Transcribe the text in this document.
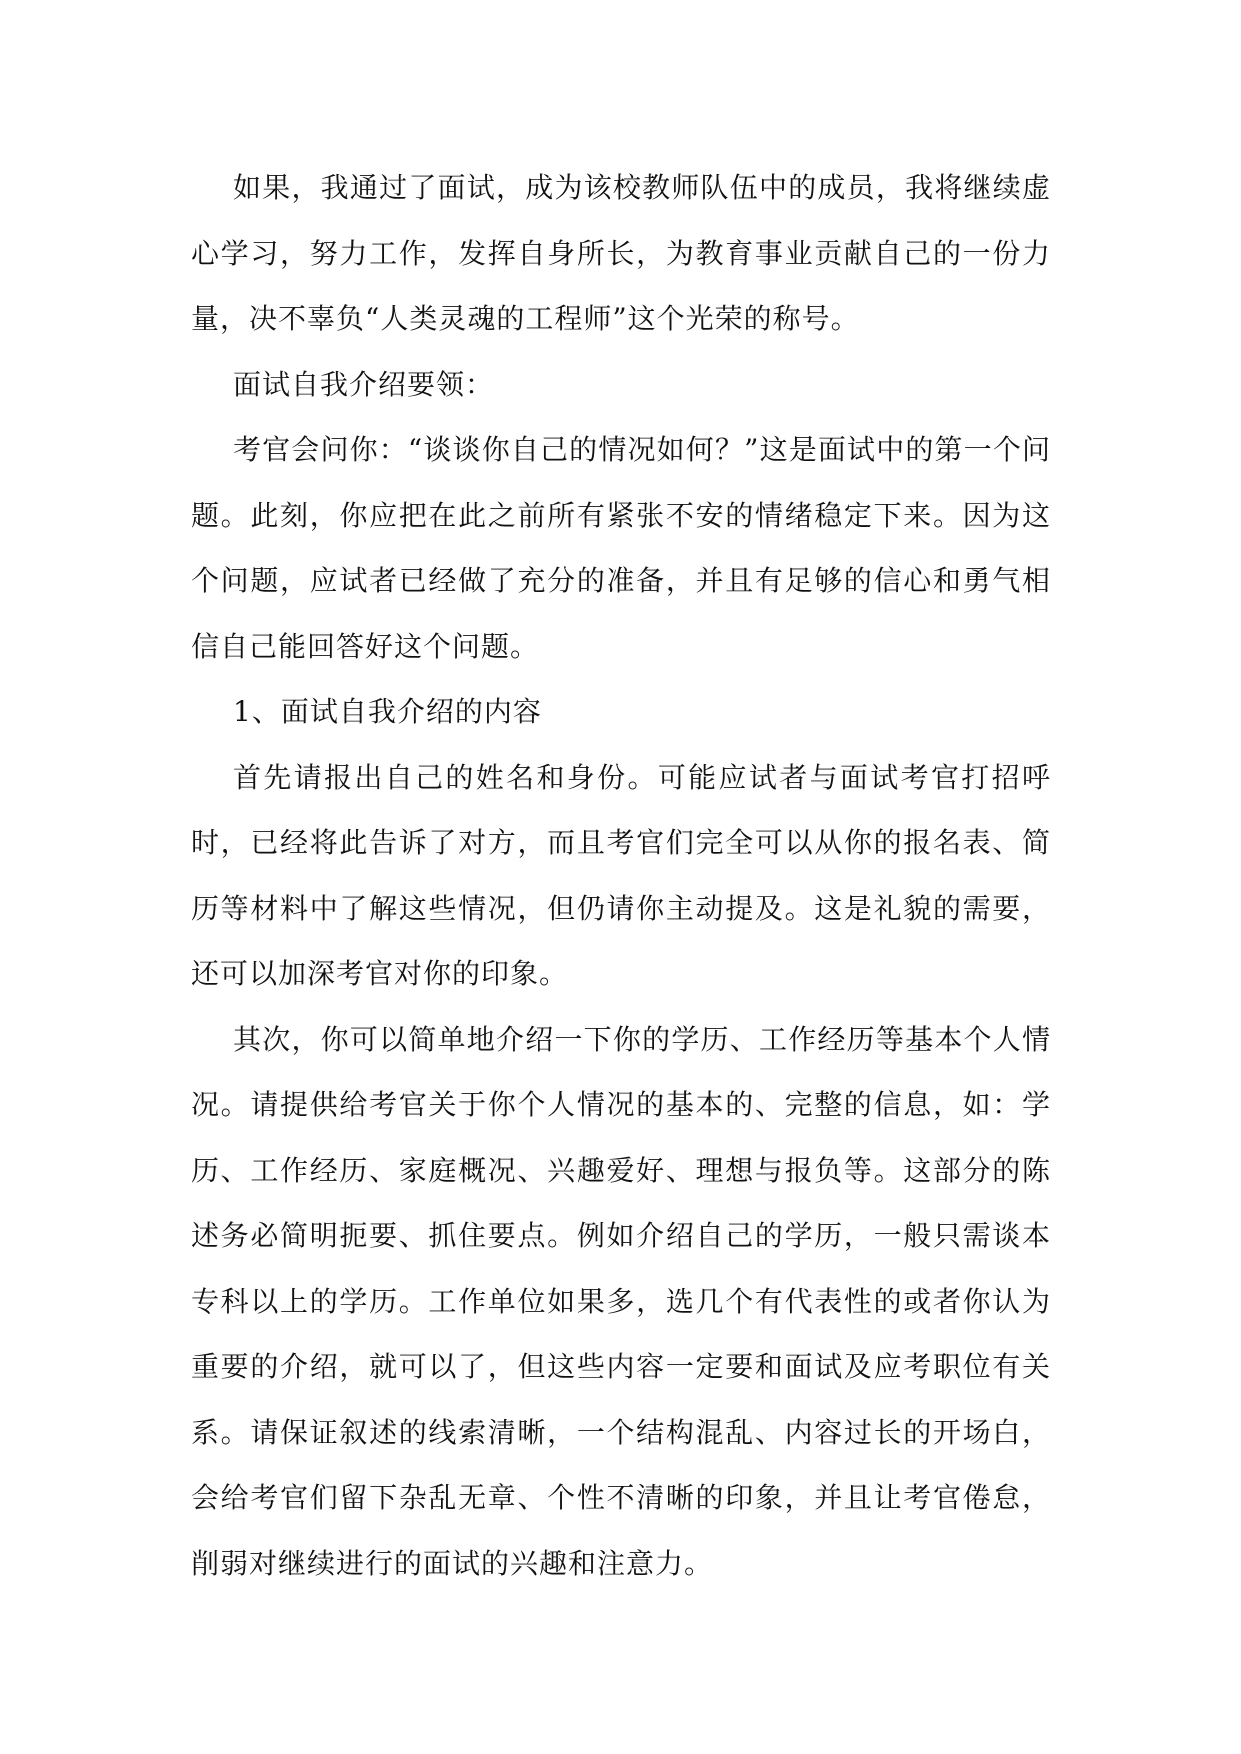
如果，我通过了面试，成为该校教师队伍中的成员，我将继续虚心学习，努力工作，发挥自身所长，为教育事业贡献自己的一份力量，决不辜负“人类灵魂的工程师”这个光荣的称号。

面试自我介绍要领：

考官会问你：“谈谈你自己的情况如何？”这是面试中的第一个问题。此刻，你应把在此之前所有紧张不安的情绪稳定下来。因为这个问题，应试者已经做了充分的准备，并且有足够的信心和勇气相信自己能回答好这个问题。

1、面试自我介绍的内容

首先请报出自己的姓名和身份。可能应试者与面试考官打招呼时，已经将此告诉了对方，而且考官们完全可以从你的报名表、简历等材料中了解这些情况，但仍请你主动提及。这是礼貌的需要，还可以加深考官对你的印象。

其次，你可以简单地介绍一下你的学历、工作经历等基本个人情况。请提供给考官关于你个人情况的基本的、完整的信息，如：学历、工作经历、家庭概况、兴趣爱好、理想与报负等。这部分的陈述务必简明扼要、抓住要点。例如介绍自己的学历，一般只需谈本专科以上的学历。工作单位如果多，选几个有代表性的或者你认为重要的介绍，就可以了，但这些内容一定要和面试及应考职位有关系。请保证叙述的线索清晰，一个结构混乱、内容过长的开场白，会给考官们留下杂乱无章、个性不清晰的印象，并且让考官倦怠，削弱对继续进行的面试的兴趣和注意力。
